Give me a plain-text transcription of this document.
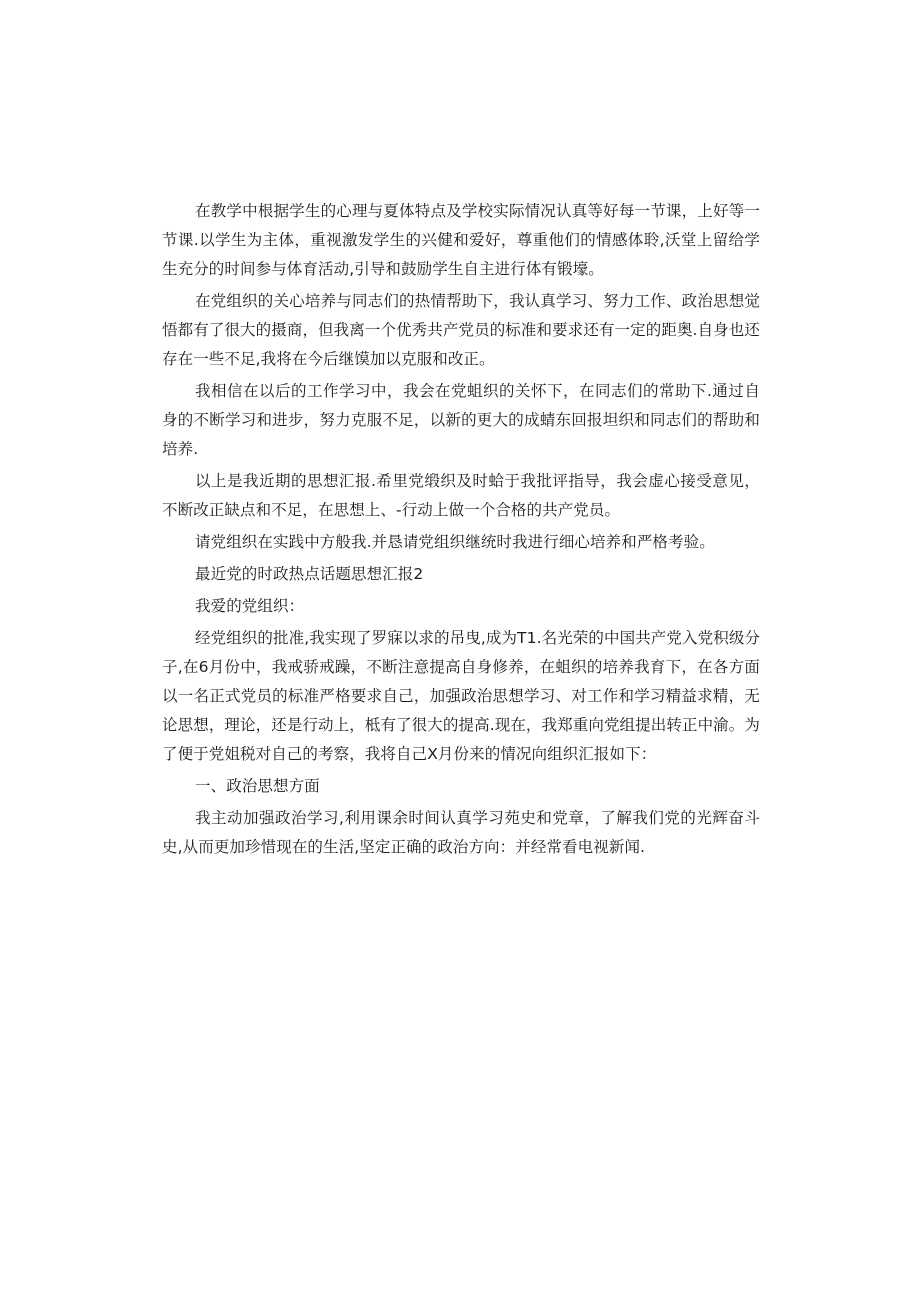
在教学中根据学生的心理与夏体特点及学校实际情况认真等好每一节课，上好等一节课.以学生为主体，重视激发学生的兴健和爱好，尊重他们的情感体聆,沃堂上留给学生充分的时间参与体育活动,引导和鼓励学生自主进行体有锻壕。

在党组织的关心培养与同志们的热情帮助下，我认真学习、努力工作、政治思想觉悟都有了很大的摄商，但我离一个优秀共产党员的标准和要求还有一定的距奥.自身也还存在一些不足,我将在今后继馍加以克服和改正。

我相信在以后的工作学习中，我会在党蛆织的关怀下，在同志们的常助下.通过自身的不断学习和进步，努力克服不足，以新的更大的成蜻东回报坦织和同志们的帮助和培养.

以上是我近期的思想汇报.希里党缎织及时蛤于我批评指导，我会虚心接受意见，不断改正缺点和不足，在思想上、-行动上做一个合格的共产党员。

请党组织在实践中方般我.并恳请党组织继统时我进行细心培养和严格考验。

最近党的时政热点话题思想汇报2

我爱的党组织：

经党组织的批准,我实现了罗寐以求的吊曳,成为T1.名光荣的中国共产党入党积级分子,在6月份中，我戒骄戒躁，不断注意提高自身修养，在蛆织的培养我育下，在各方面以一名正式党员的标准严格要求自己，加强政治思想学习、对工作和学习精益求精，无论思想，理论，还是行动上，柢有了很大的提高.现在，我郑重向党组提出转正中渝。为了便于党姐税对自己的考察，我将自己X月份来的情况向组织汇报如下：

一、政治思想方面

我主动加强政治学习,利用课余时间认真学习苑史和党章，了解我们党的光辉奋斗史,从而更加珍惜现在的生活,坚定正确的政治方向：并经常看电视新闻.
